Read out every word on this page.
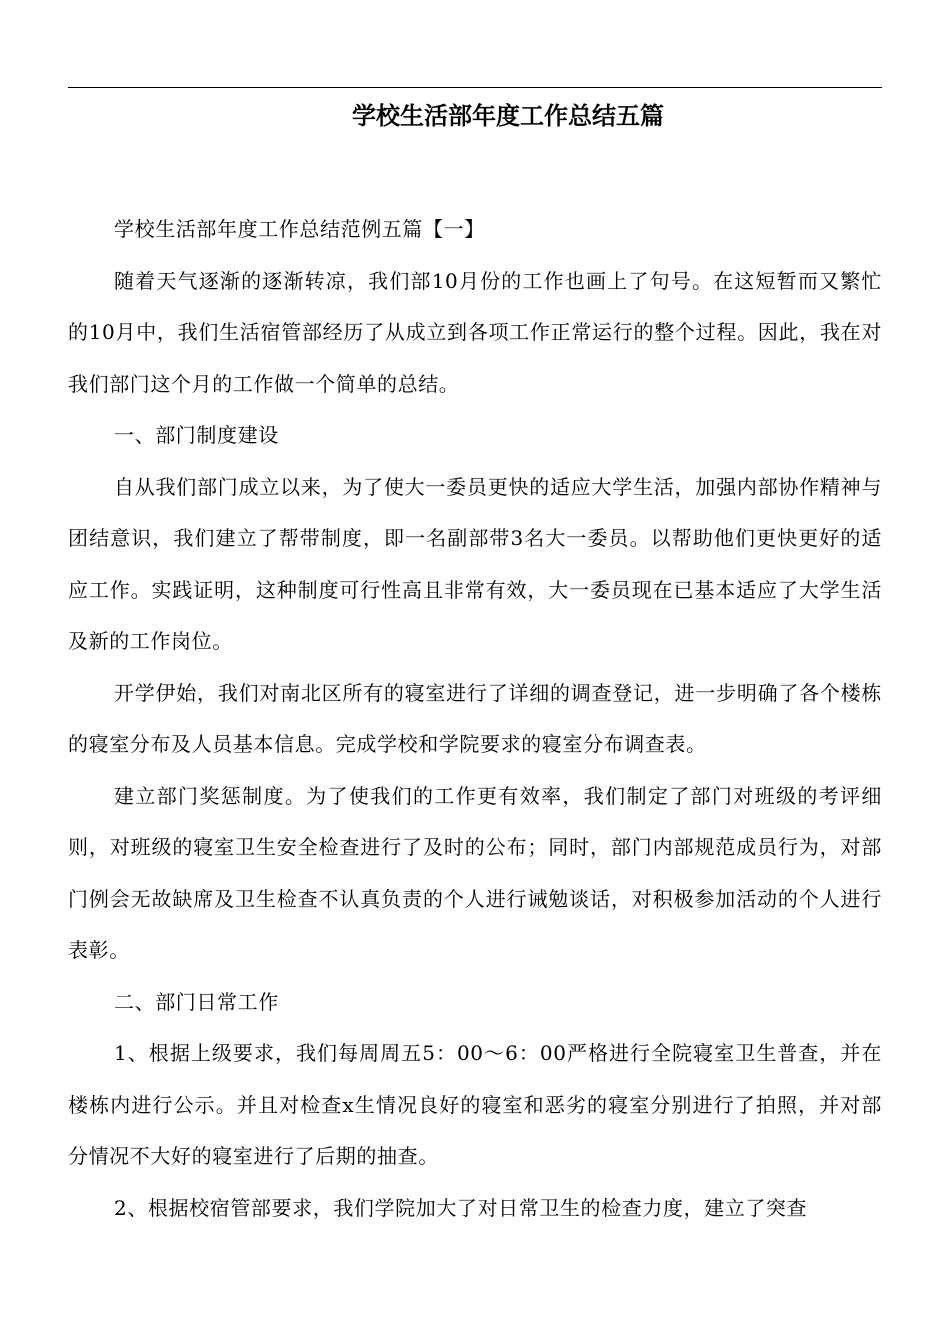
学校生活部年度工作总结五篇

学校生活部年度工作总结范例五篇【一】

随着天气逐渐的逐渐转凉，我们部10月份的工作也画上了句号。在这短暂而又繁忙的10月中，我们生活宿管部经历了从成立到各项工作正常运行的整个过程。因此，我在对我们部门这个月的工作做一个简单的总结。

一、部门制度建设

自从我们部门成立以来，为了使大一委员更快的适应大学生活，加强内部协作精神与团结意识，我们建立了帮带制度，即一名副部带3名大一委员。以帮助他们更快更好的适应工作。实践证明，这种制度可行性高且非常有效，大一委员现在已基本适应了大学生活及新的工作岗位。

开学伊始，我们对南北区所有的寝室进行了详细的调查登记，进一步明确了各个楼栋的寝室分布及人员基本信息。完成学校和学院要求的寝室分布调查表。

建立部门奖惩制度。为了使我们的工作更有效率，我们制定了部门对班级的考评细则，对班级的寝室卫生安全检查进行了及时的公布；同时，部门内部规范成员行为，对部门例会无故缺席及卫生检查不认真负责的个人进行诫勉谈话，对积极参加活动的个人进行表彰。

二、部门日常工作

1、根据上级要求，我们每周周五5：00～6：00严格进行全院寝室卫生普查，并在楼栋内进行公示。并且对检查x生情况良好的寝室和恶劣的寝室分别进行了拍照，并对部分情况不大好的寝室进行了后期的抽查。

2、根据校宿管部要求，我们学院加大了对日常卫生的检查力度，建立了突查
